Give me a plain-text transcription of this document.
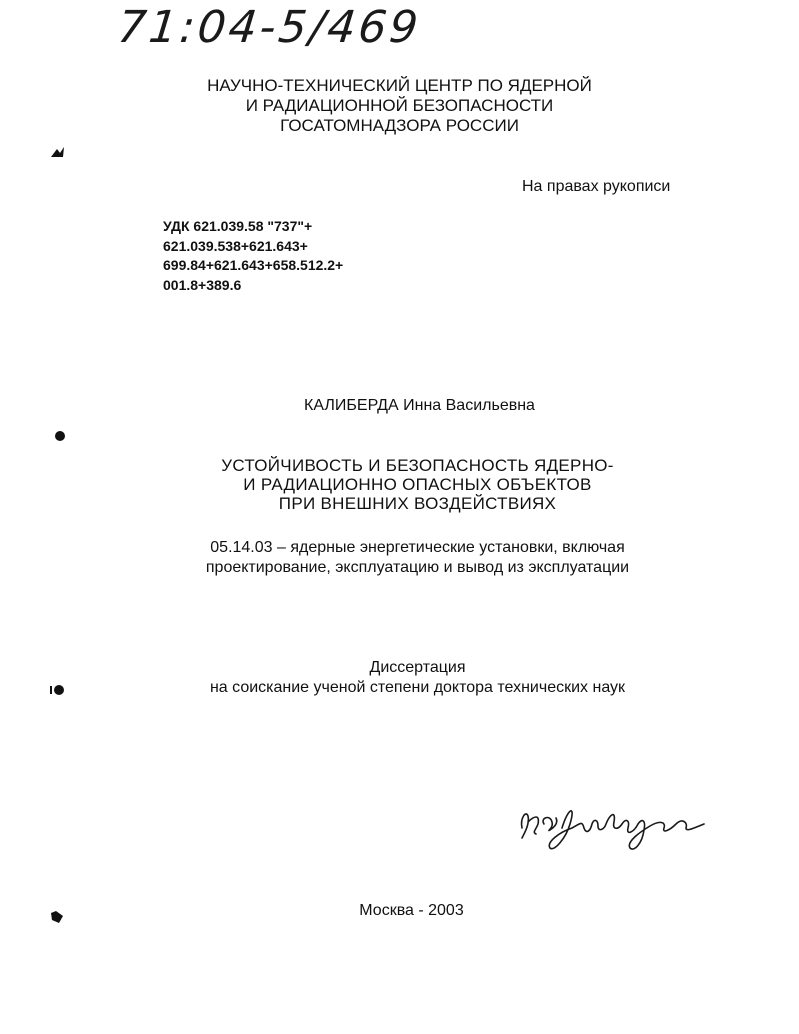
71:04-5/469
НАУЧНО-ТЕХНИЧЕСКИЙ ЦЕНТР ПО ЯДЕРНОЙ
И РАДИАЦИОННОЙ БЕЗОПАСНОСТИ
ГОСАТОМНАДЗОРА РОССИИ
На правах рукописи
УДК 621.039.58 "737"+
621.039.538+621.643+
699.84+621.643+658.512.2+
001.8+389.6
КАЛИБЕРДА Инна Васильевна
УСТОЙЧИВОСТЬ И БЕЗОПАСНОСТЬ ЯДЕРНО-
И РАДИАЦИОННО ОПАСНЫХ ОБЪЕКТОВ
ПРИ ВНЕШНИХ ВОЗДЕЙСТВИЯХ
05.14.03 – ядерные энергетические установки, включая
проектирование, эксплуатацию и вывод из эксплуатации
Диссертация
на соискание ученой степени доктора технических наук
Москва - 2003
